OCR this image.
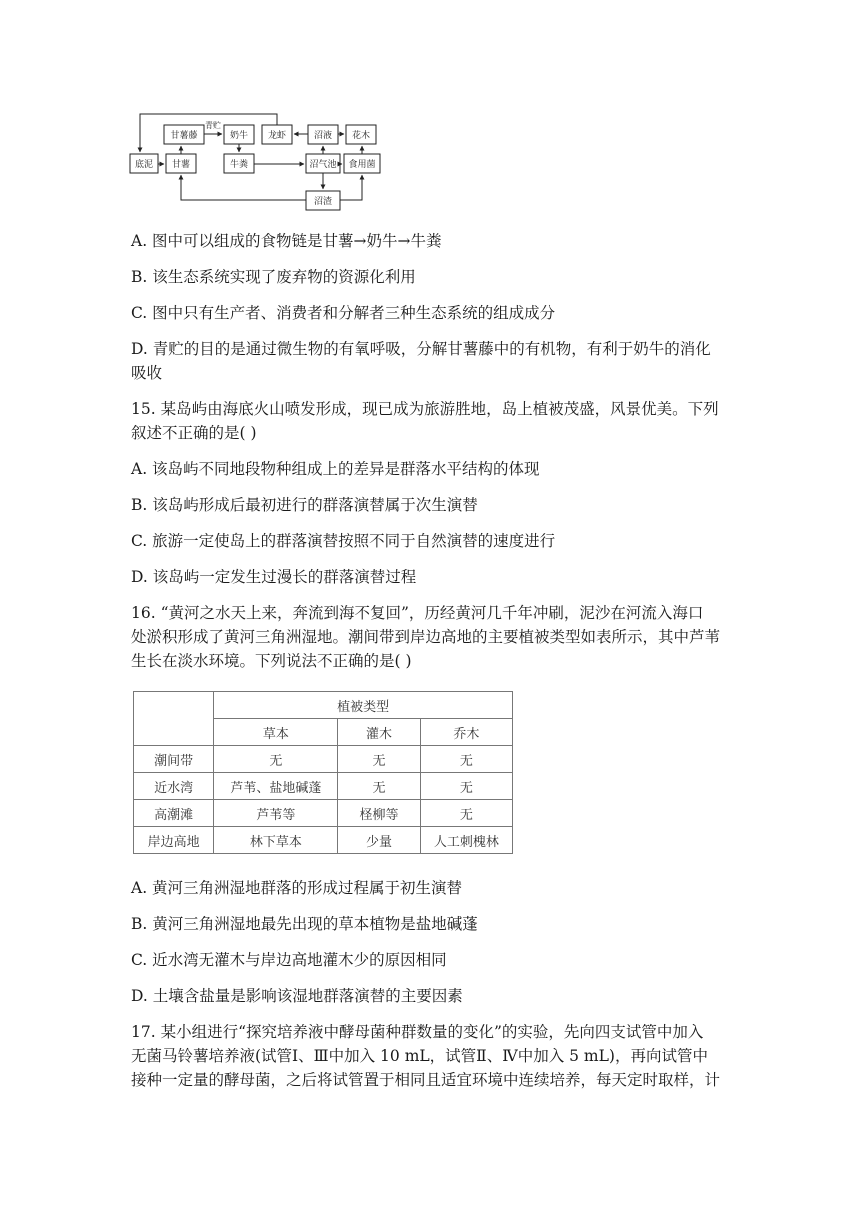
底泥
甘薯藤	奶牛 龙虾	沼液 花木
甘薯	牛粪	沼气池 食用菌
沼渣
青贮
A. 图中可以组成的食物链是甘薯→奶牛→牛粪
B. 该生态系统实现了废弃物的资源化利用
C. 图中只有生产者、消费者和分解者三种生态系统的组成成分
D. 青贮的目的是通过微生物的有氧呼吸，分解甘薯藤中的有机物，有利于奶牛的消化
吸收
15. 某岛屿由海底火山喷发形成，现已成为旅游胜地，岛上植被茂盛，风景优美。下列
叙述不正确的是( )
A. 该岛屿不同地段物种组成上的差异是群落水平结构的体现
B. 该岛屿形成后最初进行的群落演替属于次生演替
C. 旅游一定使岛上的群落演替按照不同于自然演替的速度进行
D. 该岛屿一定发生过漫长的群落演替过程
16. “黄河之水天上来，奔流到海不复回”，历经黄河几千年冲刷，泥沙在河流入海口
处淤积形成了黄河三角洲湿地。潮间带到岸边高地的主要植被类型如表所示，其中芦苇
生长在淡水环境。下列说法不正确的是( )
	植被类型		
	草本	灌木	乔木
潮间带	无	无	无
近水湾	芦苇、盐地碱蓬	无	无
高潮滩	芦苇等	柽柳等	无
岸边高地	林下草本	少量	人工刺槐林
A. 黄河三角洲湿地群落的形成过程属于初生演替
B. 黄河三角洲湿地最先出现的草本植物是盐地碱蓬
C. 近水湾无灌木与岸边高地灌木少的原因相同
D. 土壤含盐量是影响该湿地群落演替的主要因素
17. 某小组进行“探究培养液中酵母菌种群数量的变化”的实验，先向四支试管中加入
无菌马铃薯培养液(试管Ⅰ、Ⅲ中加入 10 mL，试管Ⅱ、Ⅳ中加入 5 mL)，再向试管中
接种一定量的酵母菌，之后将试管置于相同且适宜环境中连续培养，每天定时取样，计
